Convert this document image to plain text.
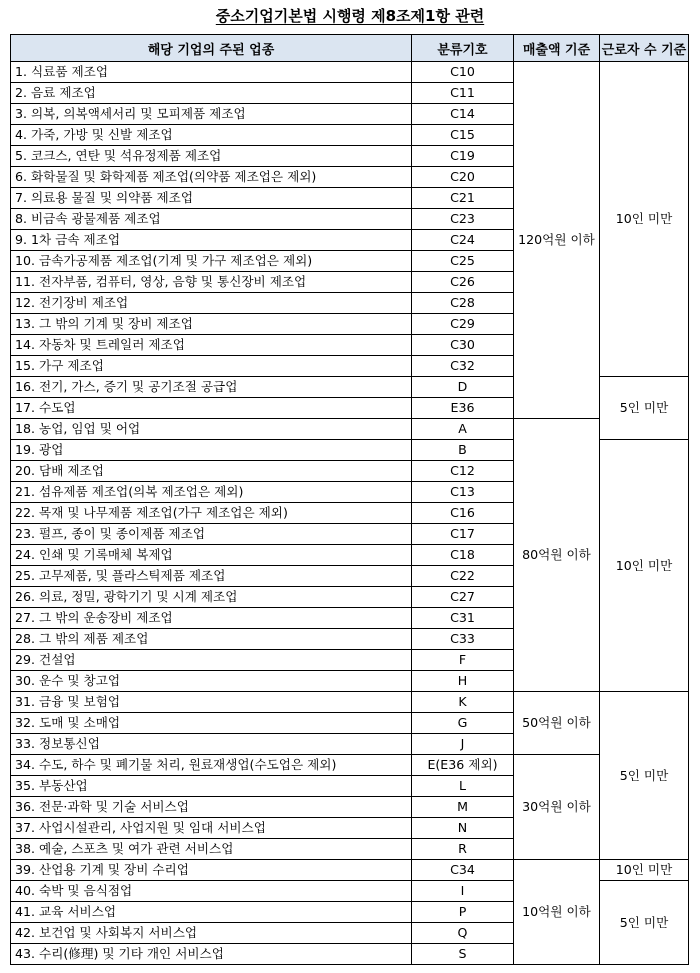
중소기업기본법 시행령 제8조제1항 관련
해당 기업의 주된 업종	분류기호	매출액 기준	근로자 수 기준
1. 식료품 제조업	C10	120억원 이하	10인 미만
2. 음료 제조업	C11		
3. 의복, 의복액세서리 및 모피제품 제조업	C14		
4. 가죽, 가방 및 신발 제조업	C15		
5. 코크스, 연탄 및 석유정제품 제조업	C19		
6. 화학물질 및 화학제품 제조업(의약품 제조업은 제외)	C20		
7. 의료용 물질 및 의약품 제조업	C21		
8. 비금속 광물제품 제조업	C23		
9. 1차 금속 제조업	C24		
10. 금속가공제품 제조업(기계 및 가구 제조업은 제외)	C25		
11. 전자부품, 컴퓨터, 영상, 음향 및 통신장비 제조업	C26		
12. 전기장비 제조업	C28		
13. 그 밖의 기계 및 장비 제조업	C29		
14. 자동차 및 트레일러 제조업	C30		
15. 가구 제조업	C32		
16. 전기, 가스, 증기 및 공기조절 공급업	D		5인 미만
17. 수도업	E36		
18. 농업, 임업 및 어업	A	80억원 이하	
19. 광업	B		10인 미만
20. 담배 제조업	C12		
21. 섬유제품 제조업(의복 제조업은 제외)	C13		
22. 목재 및 나무제품 제조업(가구 제조업은 제외)	C16		
23. 펄프, 종이 및 종이제품 제조업	C17		
24. 인쇄 및 기록매체 복제업	C18		
25. 고무제품, 및 플라스틱제품 제조업	C22		
26. 의료, 정밀, 광학기기 및 시계 제조업	C27		
27. 그 밖의 운송장비 제조업	C31		
28. 그 밖의 제품 제조업	C33		
29. 건설업	F		
30. 운수 및 창고업	H		
31. 금융 및 보험업	K	50억원 이하	5인 미만
32. 도매 및 소매업	G		
33. 정보통신업	J		
34. 수도, 하수 및 폐기물 처리, 원료재생업(수도업은 제외)	E(E36 제외)	30억원 이하	
35. 부동산업	L		
36. 전문·과학 및 기술 서비스업	M		
37. 사업시설관리, 사업지원 및 임대 서비스업	N		
38. 예술, 스포츠 및 여가 관련 서비스업	R		
39. 산업용 기계 및 장비 수리업	C34	10억원 이하	10인 미만
40. 숙박 및 음식점업	I		5인 미만
41. 교육 서비스업	P		
42. 보건업 및 사회복지 서비스업	Q		
43. 수리(修理) 및 기타 개인 서비스업	S		
